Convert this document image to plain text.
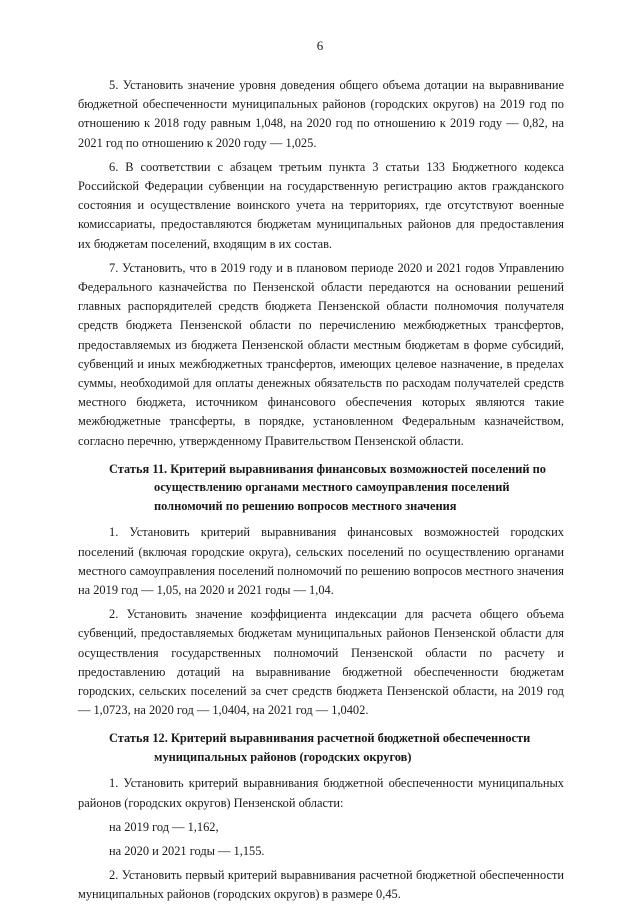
6

5. Установить значение уровня доведения общего объема дотации на выравнивание бюджетной обеспеченности муниципальных районов (городских округов) на 2019 год по отношению к 2018 году равным 1,048, на 2020 год по отношению к 2019 году — 0,82, на 2021 год по отношению к 2020 году — 1,025.

6. В соответствии с абзацем третьим пункта 3 статьи 133 Бюджетного кодекса Российской Федерации субвенции на государственную регистрацию актов гражданского состояния и осуществление воинского учета на территориях, где отсутствуют военные комиссариаты, предоставляются бюджетам муниципальных районов для предоставления их бюджетам поселений, входящим в их состав.

7. Установить, что в 2019 году и в плановом периоде 2020 и 2021 годов Управлению Федерального казначейства по Пензенской области передаются на основании решений главных распорядителей средств бюджета Пензенской области полномочия получателя средств бюджета Пензенской области по перечислению межбюджетных трансфертов, предоставляемых из бюджета Пензенской области местным бюджетам в форме субсидий, субвенций и иных межбюджетных трансфертов, имеющих целевое назначение, в пределах суммы, необходимой для оплаты денежных обязательств по расходам получателей средств местного бюджета, источником финансового обеспечения которых являются такие межбюджетные трансферты, в порядке, установленном Федеральным казначейством, согласно перечню, утвержденному Правительством Пензенской области.

Статья 11. Критерий выравнивания финансовых возможностей поселений по
осуществлению органами местного самоуправления поселений
полномочий по решению вопросов местного значения

1. Установить критерий выравнивания финансовых возможностей городских поселений (включая городские округа), сельских поселений по осуществлению органами местного самоуправления поселений полномочий по решению вопросов местного значения на 2019 год — 1,05, на 2020 и 2021 годы — 1,04.

2. Установить значение коэффициента индексации для расчета общего объема субвенций, предоставляемых бюджетам муниципальных районов Пензенской области для осуществления государственных полномочий Пензенской области по расчету и предоставлению дотаций на выравнивание бюджетной обеспеченности бюджетам городских, сельских поселений за счет средств бюджета Пензенской области, на 2019 год — 1,0723, на 2020 год — 1,0404, на 2021 год — 1,0402.

Статья 12. Критерий выравнивания расчетной бюджетной обеспеченности
муниципальных районов (городских округов)

1. Установить критерий выравнивания бюджетной обеспеченности муниципальных районов (городских округов) Пензенской области:

на 2019 год — 1,162,

на 2020 и 2021 годы — 1,155.

2. Установить первый критерий выравнивания расчетной бюджетной обеспеченности муниципальных районов (городских округов) в размере 0,45.
